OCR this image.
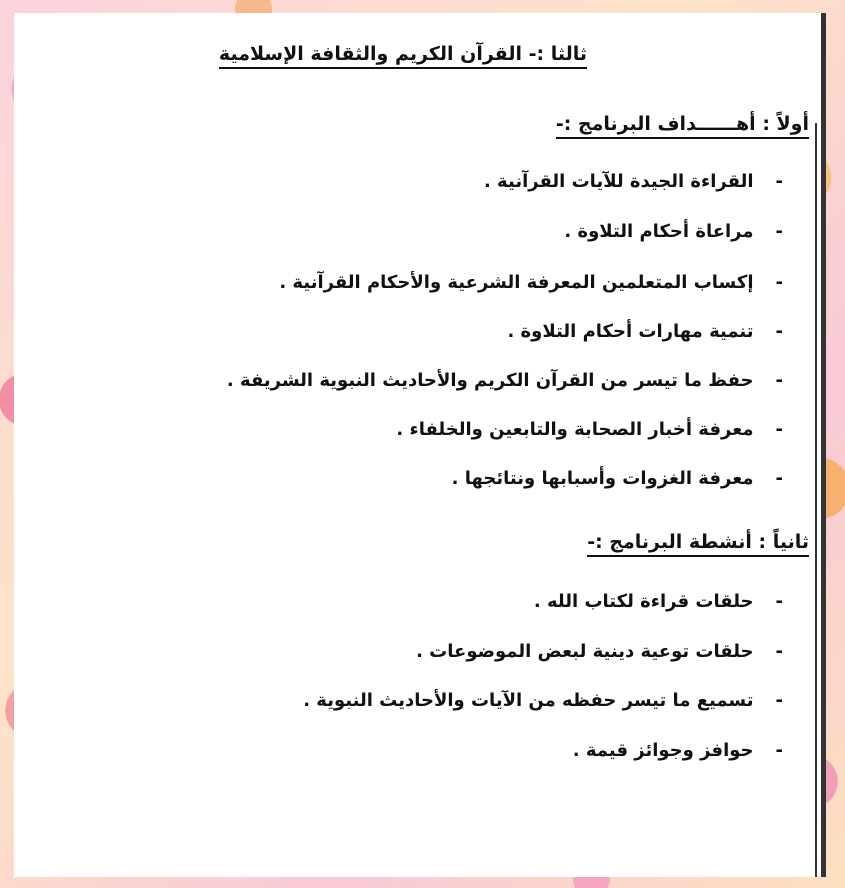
ثالثا :- القرآن الكريم والثقافة الإسلامية
أولاً : أهــــــداف البرنامج :-
-القراءة الجيدة للآيات القرآنية .
-مراعاة أحكام التلاوة .
-إكساب المتعلمين المعرفة الشرعية والأحكام القرآنية .
-تنمية مهارات أحكام التلاوة .
-حفظ ما تيسر من القرآن الكريم والأحاديث النبوية الشريفة .
-معرفة أخبار الصحابة والتابعين والخلفاء .
-معرفة الغزوات وأسبابها ونتائجها .
ثانياً : أنشطة البرنامج :-
-حلقات قراءة لكتاب الله .
-حلقات توعية دينية لبعض الموضوعات .
-تسميع ما تيسر حفظه من الآيات والأحاديث النبوية .
-حوافز وجوائز قيمة .
